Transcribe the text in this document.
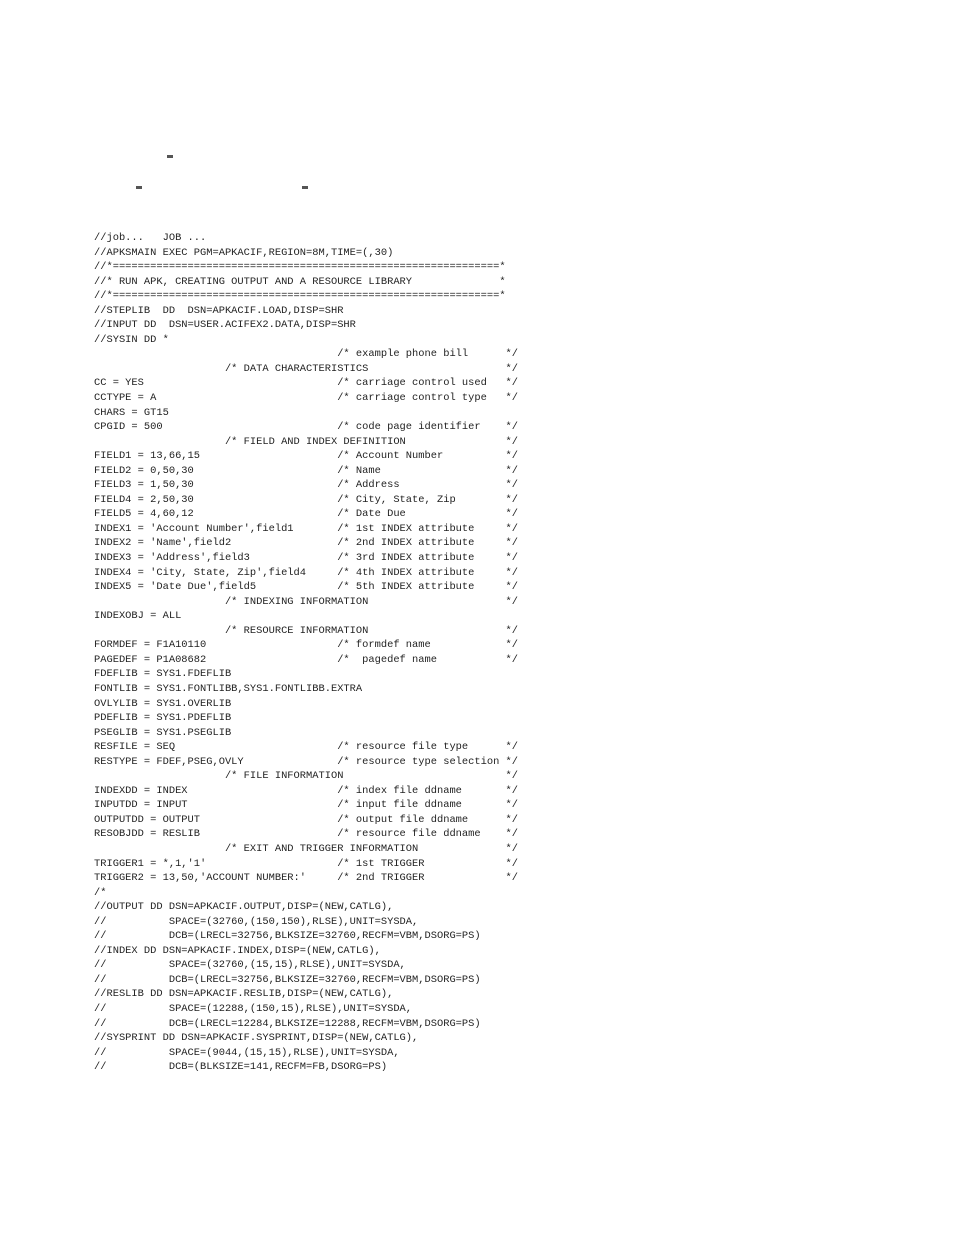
//job...   JOB ...
//APKSMAIN EXEC PGM=APKACIF,REGION=8M,TIME=(,30)
//*==============================================================*
//* RUN APK, CREATING OUTPUT AND A RESOURCE LIBRARY              *
//*==============================================================*
//STEPLIB  DD  DSN=APKACIF.LOAD,DISP=SHR
//INPUT DD  DSN=USER.ACIFEX2.DATA,DISP=SHR
//SYSIN DD *
/* example phone bill      */
/* DATA CHARACTERISTICS                      */
CC = YES                               /* carriage control used   */
CCTYPE = A                             /* carriage control type   */
CHARS = GT15
CPGID = 500                            /* code page identifier    */
/* FIELD AND INDEX DEFINITION                */
FIELD1 = 13,66,15                      /* Account Number          */
FIELD2 = 0,50,30                       /* Name                    */
FIELD3 = 1,50,30                       /* Address                 */
FIELD4 = 2,50,30                       /* City, State, Zip        */
FIELD5 = 4,60,12                       /* Date Due                */
INDEX1 = 'Account Number',field1       /* 1st INDEX attribute     */
INDEX2 = 'Name',field2                 /* 2nd INDEX attribute     */
INDEX3 = 'Address',field3              /* 3rd INDEX attribute     */
INDEX4 = 'City, State, Zip',field4     /* 4th INDEX attribute     */
INDEX5 = 'Date Due',field5             /* 5th INDEX attribute     */
/* INDEXING INFORMATION                      */
INDEXOBJ = ALL
/* RESOURCE INFORMATION                      */
FORMDEF = F1A10110                     /* formdef name            */
PAGEDEF = P1A08682                     /*  pagedef name           */
FDEFLIB = SYS1.FDEFLIB
FONTLIB = SYS1.FONTLIBB,SYS1.FONTLIBB.EXTRA
OVLYLIB = SYS1.OVERLIB
PDEFLIB = SYS1.PDEFLIB
PSEGLIB = SYS1.PSEGLIB
RESFILE = SEQ                          /* resource file type      */
RESTYPE = FDEF,PSEG,OVLY               /* resource type selection */
/* FILE INFORMATION                          */
INDEXDD = INDEX                        /* index file ddname       */
INPUTDD = INPUT                        /* input file ddname       */
OUTPUTDD = OUTPUT                      /* output file ddname      */
RESOBJDD = RESLIB                      /* resource file ddname    */
/* EXIT AND TRIGGER INFORMATION              */
TRIGGER1 = *,1,'1'                     /* 1st TRIGGER             */
TRIGGER2 = 13,50,'ACCOUNT NUMBER:'     /* 2nd TRIGGER             */
/*
//OUTPUT DD DSN=APKACIF.OUTPUT,DISP=(NEW,CATLG),
//          SPACE=(32760,(150,150),RLSE),UNIT=SYSDA,
//          DCB=(LRECL=32756,BLKSIZE=32760,RECFM=VBM,DSORG=PS)
//INDEX DD DSN=APKACIF.INDEX,DISP=(NEW,CATLG),
//          SPACE=(32760,(15,15),RLSE),UNIT=SYSDA,
//          DCB=(LRECL=32756,BLKSIZE=32760,RECFM=VBM,DSORG=PS)
//RESLIB DD DSN=APKACIF.RESLIB,DISP=(NEW,CATLG),
//          SPACE=(12288,(150,15),RLSE),UNIT=SYSDA,
//          DCB=(LRECL=12284,BLKSIZE=12288,RECFM=VBM,DSORG=PS)
//SYSPRINT DD DSN=APKACIF.SYSPRINT,DISP=(NEW,CATLG),
//          SPACE=(9044,(15,15),RLSE),UNIT=SYSDA,
//          DCB=(BLKSIZE=141,RECFM=FB,DSORG=PS)
